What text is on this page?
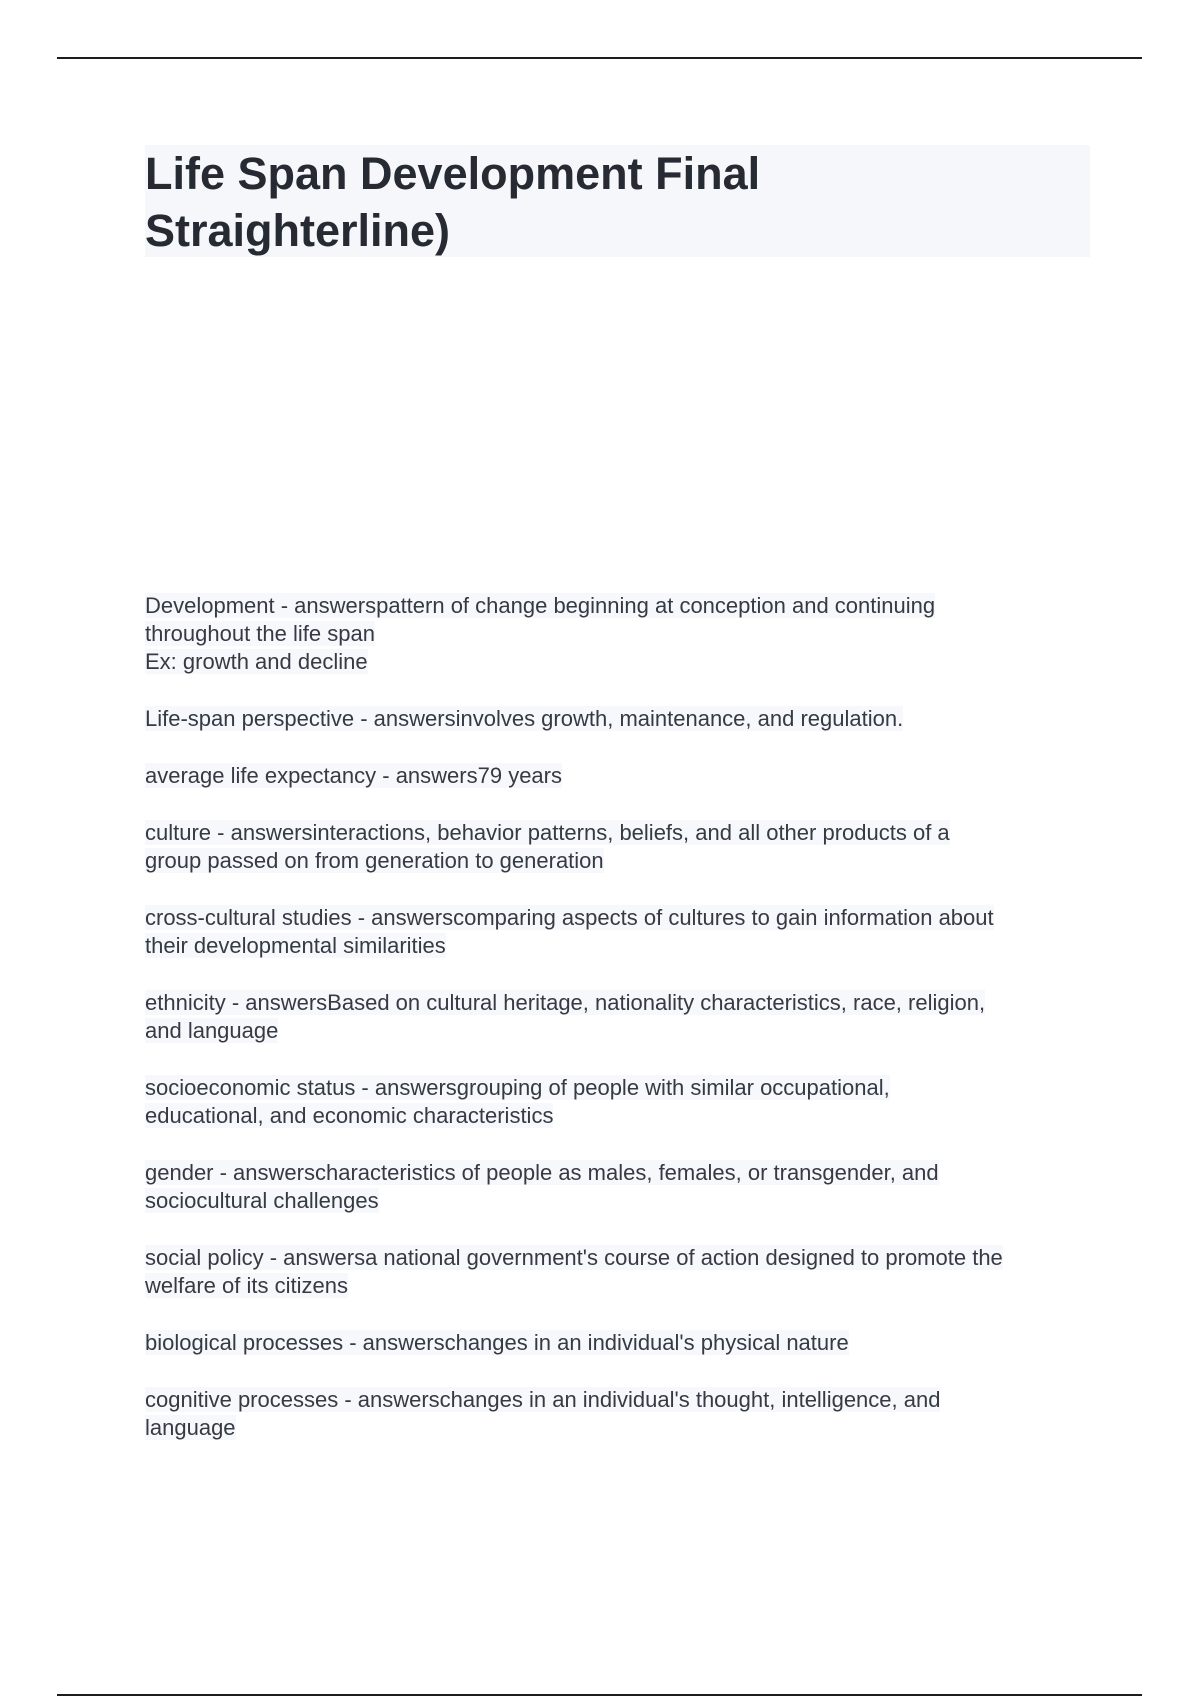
Life Span Development Final
Straighterline)

Development - answerspattern of change beginning at conception and continuing
throughout the life span
Ex: growth and decline

Life-span perspective - answersinvolves growth, maintenance, and regulation.

average life expectancy - answers79 years

culture - answersinteractions, behavior patterns, beliefs, and all other products of a
group passed on from generation to generation

cross-cultural studies - answerscomparing aspects of cultures to gain information about
their developmental similarities

ethnicity - answersBased on cultural heritage, nationality characteristics, race, religion,
and language

socioeconomic status - answersgrouping of people with similar occupational,
educational, and economic characteristics

gender - answerscharacteristics of people as males, females, or transgender, and
sociocultural challenges

social policy - answersa national government's course of action designed to promote the
welfare of its citizens

biological processes - answerschanges in an individual's physical nature

cognitive processes - answerschanges in an individual's thought, intelligence, and
language
